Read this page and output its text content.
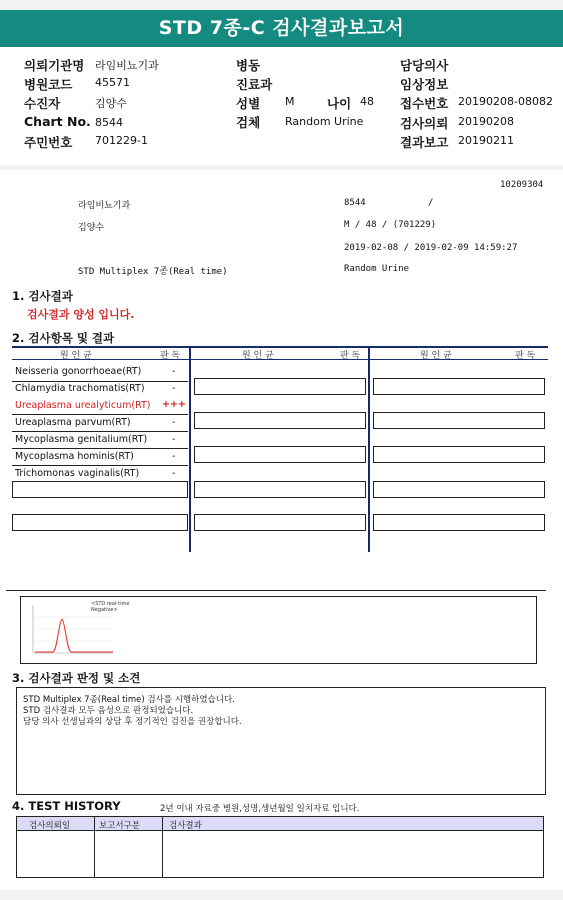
STD 7종-C 검사결과보고서
의뢰기관명 라임비뇨기과
병원코드 45571
수진자	김양수
Chart No. 8544
주민번호 701229-1
병동
진료과
성별 M	나이 48
검체 Random Urine
담당의사
임상정보
접수번호 20190208-08082
검사의뢰 20190208
결과보고 20190211
10209304
라임비뇨기과	8544	/
김양수	M / 48 / (701229)
2019-02-08 / 2019-02-09 14:59:27
STD Multiplex 7종(Real time)	Random Urine
1. 검사결과
검사결과 양성 입니다.
2. 검사항목 및 결과
원 인 균	판 독	원 인 균	판 독	원 인 균	판 독
Neisseria gonorrhoeae(RT)	-
Chlamydia trachomatis(RT)	-
Ureaplasma urealyticum(RT) +++
Ureaplasma parvum(RT)	-
Mycoplasma genitalium(RT)	-
Mycoplasma hominis(RT)	-
Trichomonas vaginalis(RT)	-
<STD real-time
Negative>
3. 검사결과 판정 및 소견
STD Multiplex 7종(Real time) 검사를 시행하였습니다.
STD 검사결과 모두 음성으로 판정되었습니다.
담당 의사 선생님과의 상담 후 정기적인 검진을 권장합니다.
4. TEST HISTORY	2년 이내 자료중 병원,성명,생년월일 일치자료 입니다.
검사의뢰일	보고서구분	검사결과
